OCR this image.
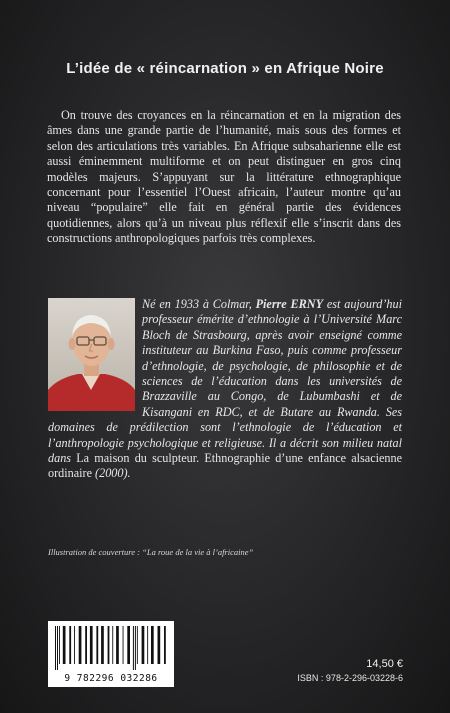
L’idée de « réincarnation » en Afrique Noire

On trouve des croyances en la réincarnation et en la migration des âmes dans une grande partie de l’humanité, mais sous des formes et selon des articulations très variables. En Afrique subsaharienne elle est aussi éminemment multiforme et on peut distinguer en gros cinq modèles majeurs. S’appuyant sur la littérature ethnographique concernant pour l’essentiel l’Ouest africain, l’auteur montre qu’au niveau “populaire” elle fait en général partie des évidences quotidiennes, alors qu’à un niveau plus réflexif elle s’inscrit dans des constructions anthropologiques parfois très complexes.

Né en 1933 à Colmar, Pierre ERNY est aujourd’hui professeur émérite d’ethnologie à l’Université Marc Bloch de Strasbourg, après avoir enseigné comme instituteur au Burkina Faso, puis comme professeur d’ethnologie, de psychologie, de philosophie et de sciences de l’éducation dans les universités de Brazzaville au Congo, de Lubumbashi et de Kisangani en RDC, et de Butare au Rwanda. Ses domaines de prédilection sont l’ethnologie de l’éducation et l’anthropologie psychologique et religieuse. Il a décrit son milieu natal dans La maison du sculpteur. Ethnographie d’une enfance alsacienne ordinaire (2000).
Illustration de couverture : “La roue de la vie à l’africaine”
9 782296 032286
14,50 €
ISBN : 978-2-296-03228-6
